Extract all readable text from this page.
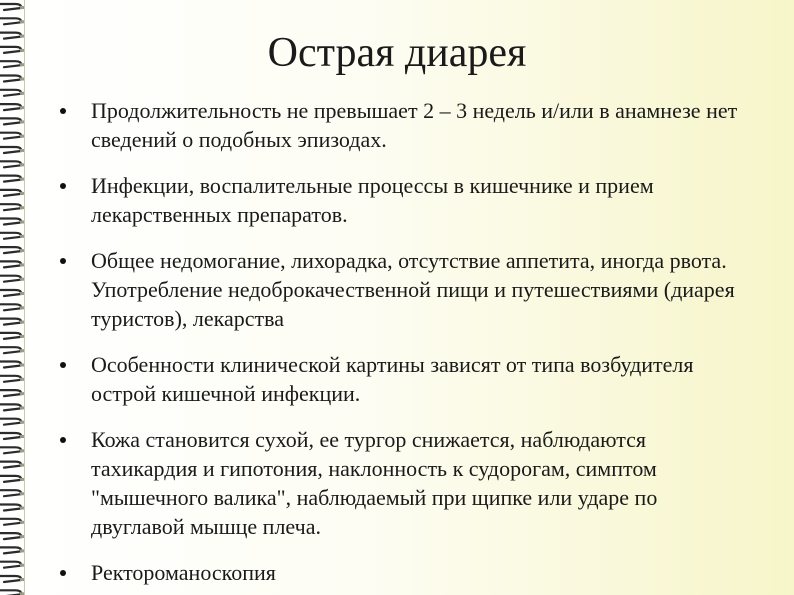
Острая диарея
Продолжительность не превышает 2 – 3 недель и/или в анамнезе нет сведений о подобных эпизодах.
Инфекции, воспалительные процессы в кишечнике и прием лекарственных препаратов.
Общее недомогание, лихорадка, отсутствие аппетита, иногда рвота. Употребление недоброкачественной пищи и путешествиями (диарея туристов), лекарства
Особенности клинической картины зависят от типа возбудителя острой кишечной инфекции.
Кожа становится сухой, ее тургор снижается, наблюдаются тахикардия и гипотония, наклонность к судорогам, симптом "мышечного валика", наблюдаемый при щипке или ударе по двуглавой мышце плеча.
Ректороманоскопия
